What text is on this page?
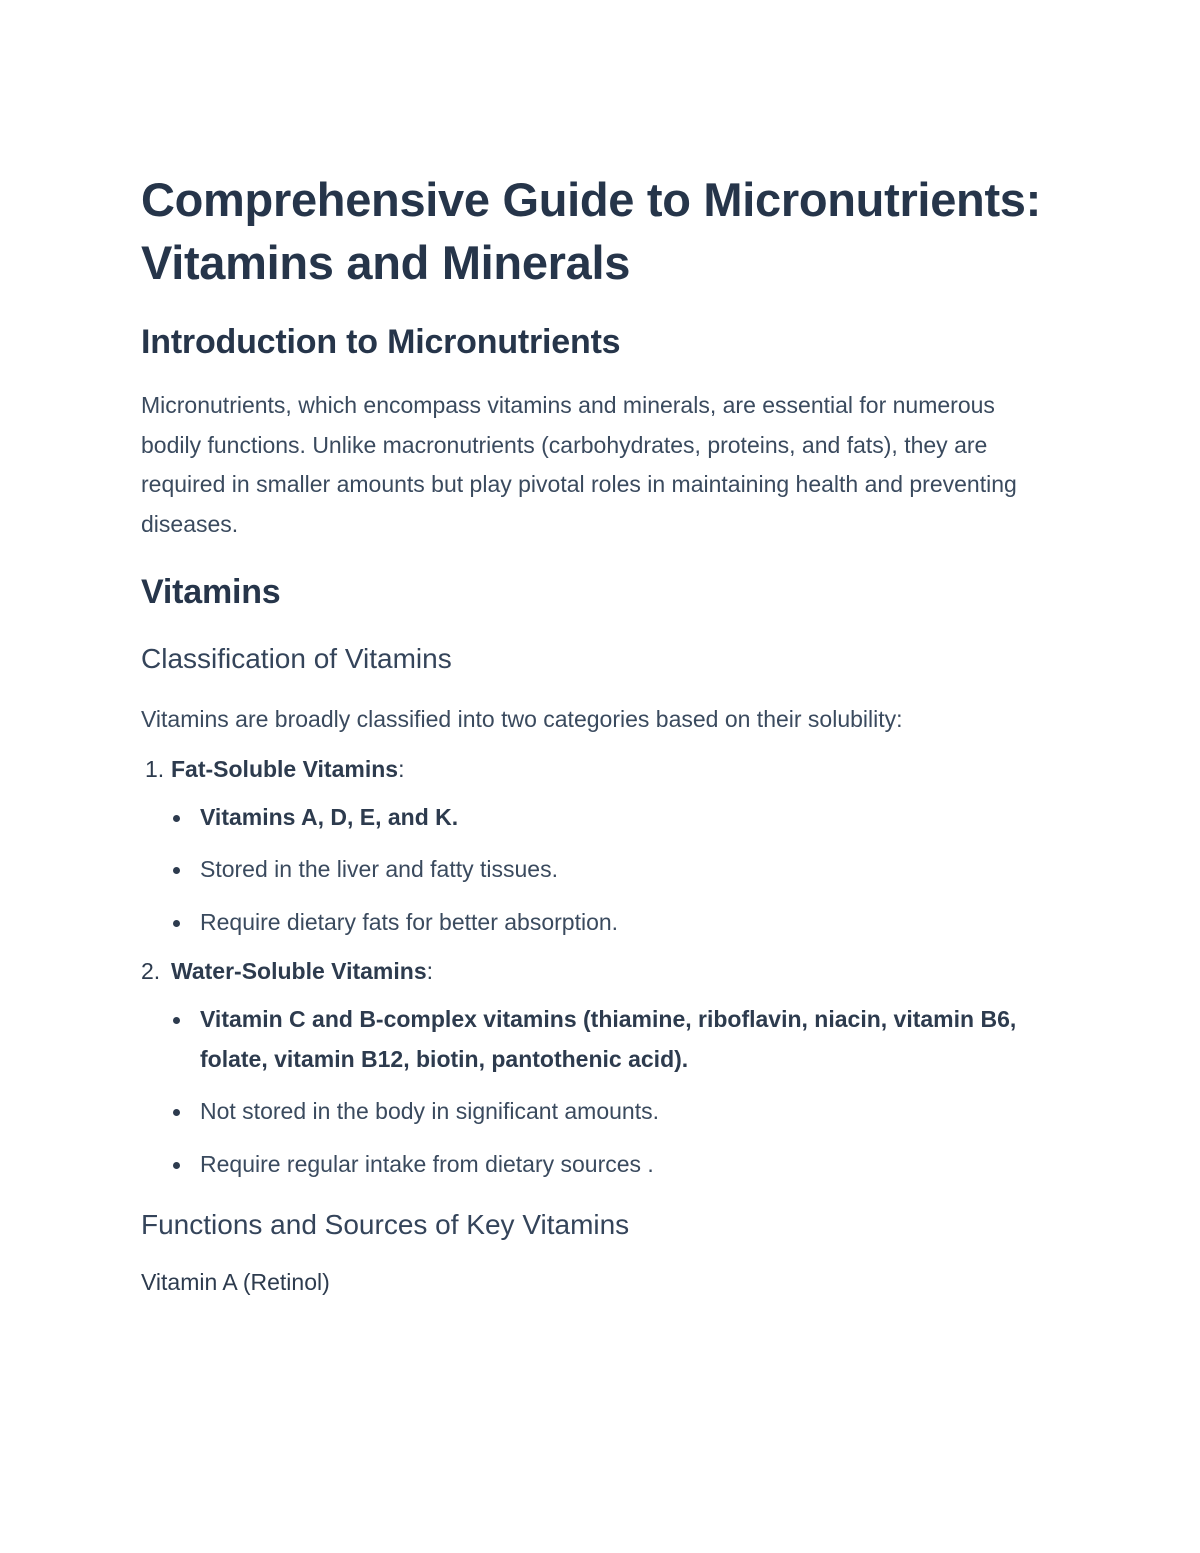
Comprehensive Guide to Micronutrients: Vitamins and Minerals
Introduction to Micronutrients

Micronutrients, which encompass vitamins and minerals, are essential for numerous bodily functions. Unlike macronutrients (carbohydrates, proteins, and fats), they are required in smaller amounts but play pivotal roles in maintaining health and preventing diseases.

Vitamins
Classification of Vitamins

Vitamins are broadly classified into two categories based on their solubility:

1. Fat-Soluble Vitamins:
Vitamins A, D, E, and K.
Stored in the liver and fatty tissues.
Require dietary fats for better absorption.
2. Water-Soluble Vitamins:
Vitamin C and B-complex vitamins (thiamine, riboflavin, niacin, vitamin B6, folate, vitamin B12, biotin, pantothenic acid).
Not stored in the body in significant amounts.
Require regular intake from dietary sources .
Functions and Sources of Key Vitamins
Vitamin A (Retinol)
